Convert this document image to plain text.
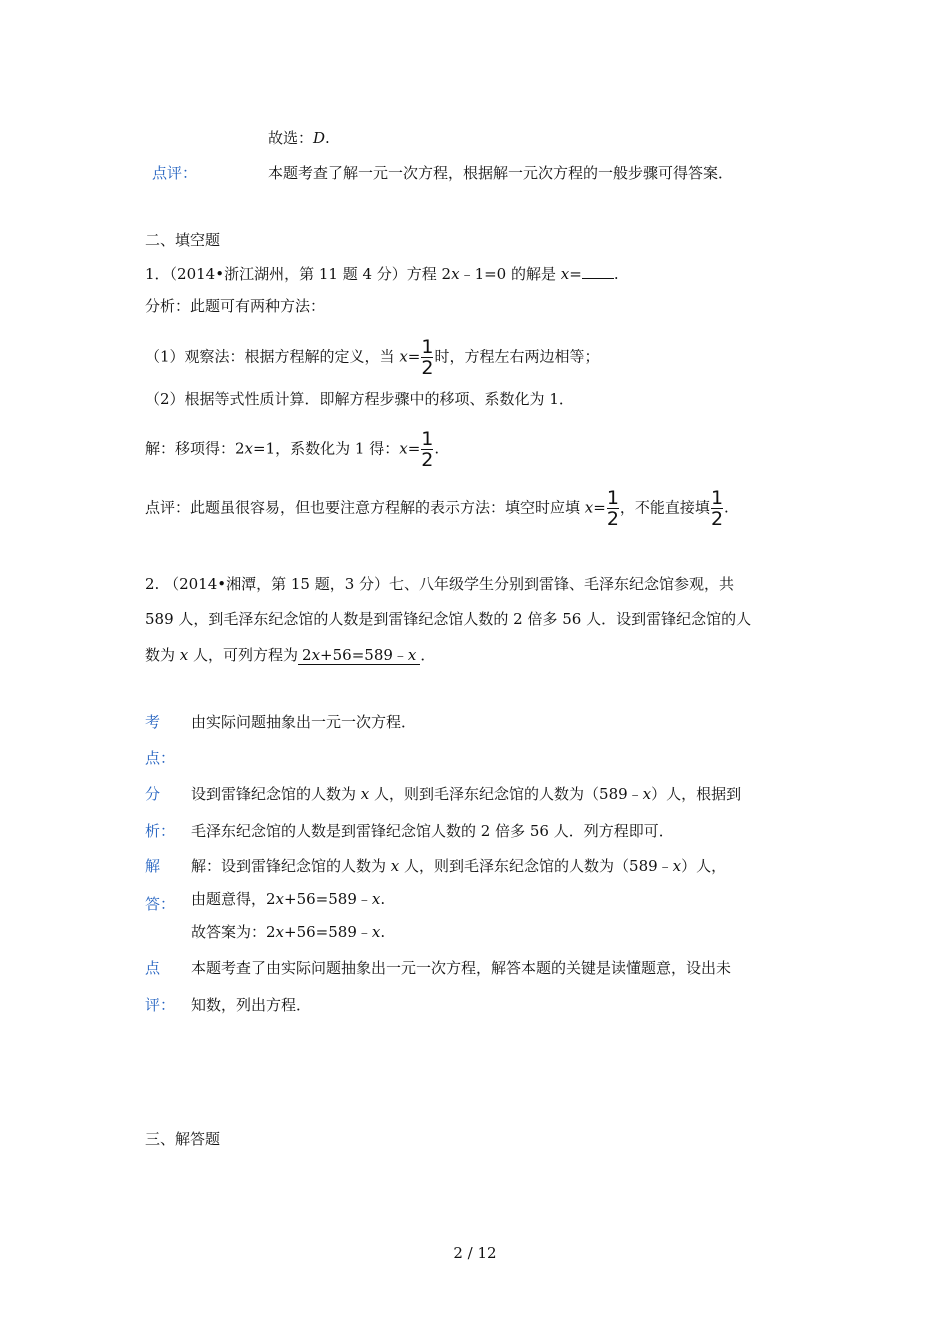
故选：D.
点评：	本题考查了解一元一次方程，根据解一元次方程的一般步骤可得答案．
二、填空题
1．（2014•浙江湖州，第 11 题 4 分）方程 2x﹣1=0 的解是 x= .
分析：此题可有两种方法：
（1）观察法：根据方程解的定义，当 $x= \frac{1}{2}$ 时，方程左右两边相等；
（2）根据等式性质计算．即解方程步骤中的移项、系数化为 1．
解：移项得：2x=1，系数化为 1 得：$x= \frac{1}{2}$ .
点评：此题虽很容易，但也要注意方程解的表示方法：填空时应填 $x= \frac{1}{2}$ ，不能直接填 $\frac{1}{2}$ .
2. （2014•湘潭，第 15 题，3 分）七、八年级学生分别到雷锋、毛泽东纪念馆参观，共
589 人，到毛泽东纪念馆的人数是到雷锋纪念馆人数的 2 倍多 56 人．设到雷锋纪念馆的人
数为 x 人，可列方程为 2x+56=589﹣x ．
考
点：
由实际问题抽象出一元一次方程．
分
析：
设到雷锋纪念馆的人数为 x 人，则到毛泽东纪念馆的人数为（589﹣x）人，根据到
毛泽东纪念馆的人数是到雷锋纪念馆人数的 2 倍多 56 人．列方程即可．
解
答：
解：设到雷锋纪念馆的人数为 x 人，则到毛泽东纪念馆的人数为（589﹣x）人，
由题意得，2x+56=589﹣x.
故答案为：2x+56=589﹣x.
点
评：
本题考查了由实际问题抽象出一元一次方程，解答本题的关键是读懂题意，设出未
知数，列出方程．
三、解答题
2 / 12
